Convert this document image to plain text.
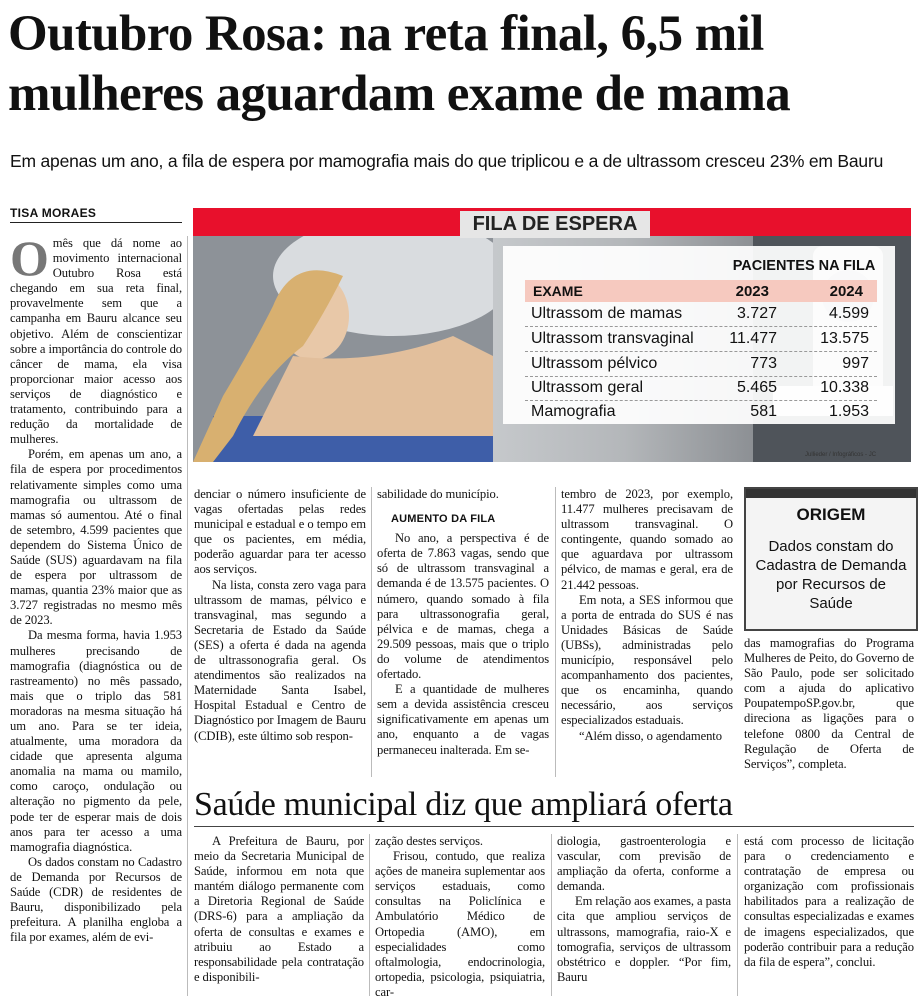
Outubro Rosa: na reta final, 6,5 mil mulheres aguardam exame de mama
Em apenas um ano, a fila de espera por mamografia mais do que triplicou e a de ultrassom cresceu 23% em Bauru
TISA MORAES

Omês que dá nome ao movimento internacional Outubro Rosa está chegando em sua reta final, provavelmente sem que a campanha em Bauru alcance seu objetivo. Além de conscientizar sobre a importância do controle do câncer de mama, ela visa proporcionar maior acesso aos serviços de diagnóstico e tratamento, contribuindo para a redução da mortalidade de mulheres.

Porém, em apenas um ano, a fila de espera por procedimentos relativamente simples como uma mamografia ou ultrassom de mamas só aumentou. Até o final de setembro, 4.599 pacientes que dependem do Sistema Único de Saúde (SUS) aguardavam na fila de espera por ultrassom de mamas, quantia 23% maior que as 3.727 registradas no mesmo mês de 2023.

Da mesma forma, havia 1.953 mulheres precisando de mamografia (diagnóstica ou de rastreamento) no mês passado, mais que o triplo das 581 moradoras na mesma situação há um ano. Para se ter ideia, atualmente, uma moradora da cidade que apresenta alguma anomalia na mama ou mamilo, como caroço, ondulação ou alteração no pigmento da pele, pode ter de esperar mais de dois anos para ter acesso a uma mamografia diagnóstica.

Os dados constam no Cadastro de Demanda por Recursos de Saúde (CDR) de residentes de Bauru, disponibilizado pela prefeitura. A planilha engloba a fila por exames, além de evi-

FILA DE ESPERA
PACIENTES NA FILA
EXAME	2023	2024
Ultrassom de mamas	3.727	4.599
Ultrassom transvaginal 11.477	13.575
Ultrassom pélvico	773	997
Ultrassom geral	5.465	10.338
Mamografia	581	1.953
Jullieder / Infográficos - JC

denciar o número insuficiente de vagas ofertadas pelas redes municipal e estadual e o tempo em que os pacientes, em média, poderão aguardar para ter acesso aos serviços.

Na lista, consta zero vaga para ultrassom de mamas, pélvico e transvaginal, mas segundo a Secretaria de Estado da Saúde (SES) a oferta é dada na agenda de ultrassonografia geral. Os atendimentos são realizados na Maternidade Santa Isabel, Hospital Estadual e Centro de Diagnóstico por Imagem de Bauru (CDIB), este último sob respon-

sabilidade do município.

AUMENTO DA FILA

No ano, a perspectiva é de oferta de 7.863 vagas, sendo que só de ultrassom transvaginal a demanda é de 13.575 pacientes. O número, quando somado à fila para ultrassonografia geral, pélvica e de mamas, chega a 29.509 pessoas, mais que o triplo do volume de atendimentos ofertado.

E a quantidade de mulheres sem a devida assistência cresceu significativamente em apenas um ano, enquanto a de vagas permaneceu inalterada. Em se-

tembro de 2023, por exemplo, 11.477 mulheres precisavam de ultrassom transvaginal. O contingente, quando somado ao que aguardava por ultrassom pélvico, de mamas e geral, era de 21.442 pessoas.

Em nota, a SES informou que a porta de entrada do SUS é nas Unidades Básicas de Saúde (UBSs), administradas pelo município, responsável pelo acompanhamento dos pacientes, que os encaminha, quando necessário, aos serviços especializados estaduais.

“Além disso, o agendamento

ORIGEM
Dados constam do Cadastra de Demanda por Recursos de Saúde

das mamografias do Programa Mulheres de Peito, do Governo de São Paulo, pode ser solicitado com a ajuda do aplicativo PoupatempoSP.gov.br, que direciona as ligações para o telefone 0800 da Central de Regulação de Oferta de Serviços”, completa.

Saúde municipal diz que ampliará oferta

A Prefeitura de Bauru, por meio da Secretaria Municipal de Saúde, informou em nota que mantém diálogo permanente com a Diretoria Regional de Saúde (DRS-6) para a ampliação da oferta de consultas e exames e atribuiu ao Estado a responsabilidade pela contratação e disponibili-

zação destes serviços.

Frisou, contudo, que realiza ações de maneira suplementar aos serviços estaduais, como consultas na Policlínica e Ambulatório Médico de Ortopedia (AMO), em especialidades como oftalmologia, endocrinologia, ortopedia, psicologia, psiquiatria, car-

diologia, gastroenterologia e vascular, com previsão de ampliação da oferta, conforme a demanda.

Em relação aos exames, a pasta cita que ampliou serviços de ultrassons, mamografia, raio-X e tomografia, serviços de ultrassom obstétrico e doppler. “Por fim, Bauru

está com processo de licitação para o credenciamento e contratação de empresa ou organização com profissionais habilitados para a realização de consultas especializadas e exames de imagens especializados, que poderão contribuir para a redução da fila de espera”, conclui.
